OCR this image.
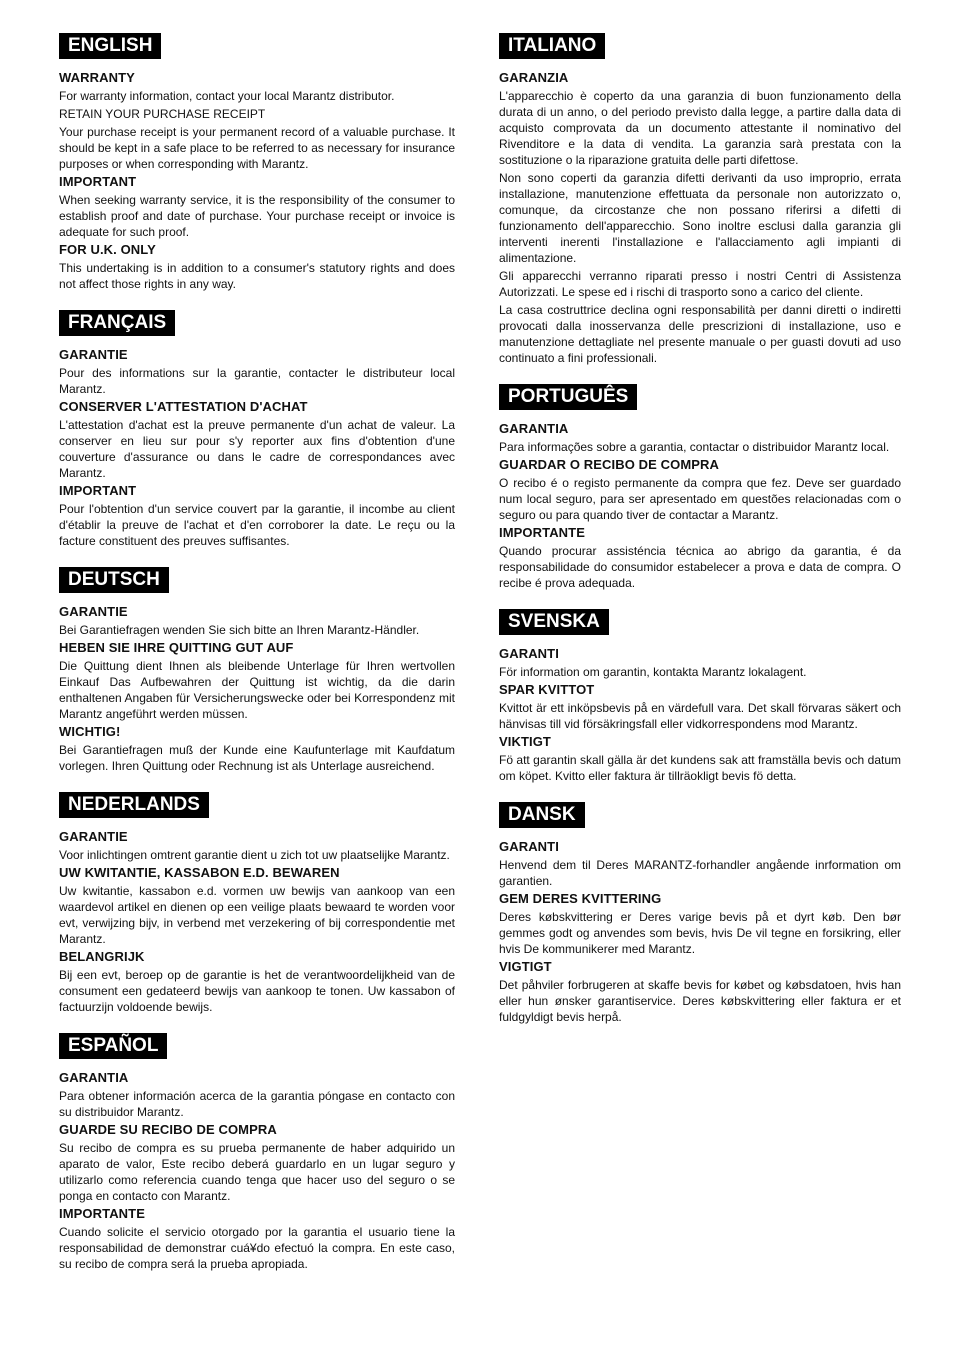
ENGLISH
WARRANTY
For warranty information, contact your local Marantz distributor.
RETAIN YOUR PURCHASE RECEIPT
Your purchase receipt is your permanent record of a valuable purchase. It should be kept in a safe place to be referred to as necessary for insurance purposes or when corresponding with Marantz.
IMPORTANT
When seeking warranty service, it is the responsibility of the consumer to establish proof and date of purchase. Your purchase receipt or invoice is adequate for such proof.
FOR U.K. ONLY
This undertaking is in addition to a consumer's statutory rights and does not affect those rights in any way.
FRANÇAIS
GARANTIE
Pour des informations sur la garantie, contacter le distributeur local Marantz.
CONSERVER L'ATTESTATION D'ACHAT
L'attestation d'achat est la preuve permanente d'un achat de valeur. La conserver en lieu sur pour s'y reporter aux fins d'obtention d'une couverture d'assurance ou dans le cadre de correspondances avec Marantz.
IMPORTANT
Pour l'obtention d'un service couvert par la garantie, il incombe au client d'établir la preuve de l'achat et d'en corroborer la date. Le reçu ou la facture constituent des preuves suffisantes.
DEUTSCH
GARANTIE
Bei Garantiefragen wenden Sie sich bitte an Ihren Marantz-Händler.
HEBEN SIE IHRE QUITTING GUT AUF
Die Quittung dient Ihnen als bleibende Unterlage für Ihren wertvollen Einkauf Das Aufbewahren der Quittung ist wichtig, da die darin enthaltenen Angaben für Versicherungswecke oder bei Korrespondenz mit Marantz angeführt werden müssen.
WICHTIG!
Bei Garantiefragen muß der Kunde eine Kaufunterlage mit Kaufdatum vorlegen. Ihren Quittung oder Rechnung ist als Unterlage ausreichend.
NEDERLANDS
GARANTIE
Voor inlichtingen omtrent garantie dient u zich tot uw plaatselijke Marantz.
UW KWITANTIE, KASSABON E.D. BEWAREN
Uw kwitantie, kassabon e.d. vormen uw bewijs van aankoop van een waardevol artikel en dienen op een veilige plaats bewaard te worden voor evt, verwijzing bijv, in verbend met verzekering of bij correspondentie met Marantz.
BELANGRIJK
Bij een evt, beroep op de garantie is het de verantwoordelijkheid van de consument een gedateerd bewijs van aankoop te tonen. Uw kassabon of factuurzijn voldoende bewijs.
ESPAÑOL
GARANTIA
Para obtener información acerca de la garantia póngase en contacto con su distribuidor Marantz.
GUARDE SU RECIBO DE COMPRA
Su recibo de compra es su prueba permanente de haber adquirido un aparato de valor, Este recibo deberá guardarlo en un lugar seguro y utilizarlo como referencia cuando tenga que hacer uso del seguro o se ponga en contacto con Marantz.
IMPORTANTE
Cuando solicite el servicio otorgado por la garantia el usuario tiene la responsabilidad de demonstrar cuá¥do efectuó la compra. En este caso, su recibo de compra será la prueba apropiada.
ITALIANO
GARANZIA
L'apparecchio è coperto da una garanzia di buon funzionamento della durata di un anno, o del periodo previsto dalla legge, a partire dalla data di acquisto comprovata da un documento attestante il nominativo del Rivenditore e la data di vendita. La garanzia sarà prestata con la sostituzione o la riparazione gratuita delle parti difettose.
Non sono coperti da garanzia difetti derivanti da uso improprio, errata installazione, manutenzione effettuata da personale non autorizzato o, comunque, da circostanze che non possano riferirsi a difetti di funzionamento dell'apparecchio. Sono inoltre esclusi dalla garanzia gli interventi inerenti l'installazione e l'allacciamento agli impianti di alimentazione.
Gli apparecchi verranno riparati presso i nostri Centri di Assistenza Autorizzati. Le spese ed i rischi di trasporto sono a carico del cliente.
La casa costruttrice declina ogni responsabilità per danni diretti o indiretti provocati dalla inosservanza delle prescrizioni di installazione, uso e manutenzione dettagliate nel presente manuale o per guasti dovuti ad uso continuato a fini professionali.
PORTUGUÊS
GARANTIA
Para informações sobre a garantia, contactar o distribuidor Marantz local.
GUARDAR O RECIBO DE COMPRA
O recibo é o registo permanente da compra que fez. Deve ser guardado num local seguro, para ser apresentado em questões relacionadas com o seguro ou para quando tiver de contactar a Marantz.
IMPORTANTE
Quando procurar assisténcia técnica ao abrigo da garantia, é da responsabilidade do consumidor estabelecer a prova e data de compra. O recibe é prova adequada.
SVENSKA
GARANTI
För information om garantin, kontakta Marantz lokalagent.
SPAR KVITTOT
Kvittot är ett inköpsbevis på en värdefull vara. Det skall förvaras säkert och hänvisas till vid försäkringsfall eller vidkorrespondens mod Marantz.
VIKTIGT
Fö att garantin skall gälla är det kundens sak att framställa bevis och datum om köpet. Kvitto eller faktura är tillräokligt bevis fö detta.
DANSK
GARANTI
Henvend dem til Deres MARANTZ-forhandler angående inrformation om garantien.
GEM DERES KVITTERING
Deres købskvittering er Deres varige bevis på et dyrt køb. Den bør gemmes godt og anvendes som bevis, hvis De vil tegne en forsikring, eller hvis De kommunikerer med Marantz.
VIGTIGT
Det påhviler forbrugeren at skaffe bevis for købet og købsdatoen, hvis han eller hun ønsker garantiservice. Deres købskvittering eller faktura er et fuldgyldigt bevis herpå.
